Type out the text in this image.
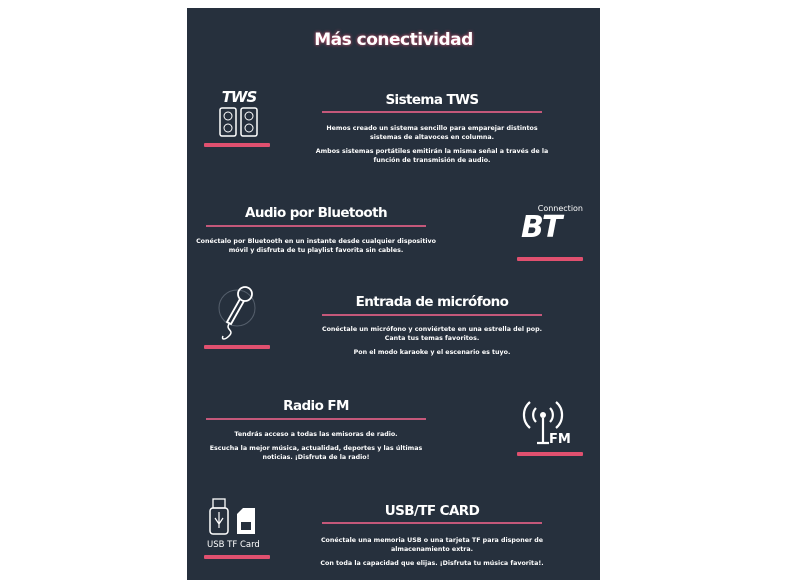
Más conectividad
TWS	Sistema TWS
Hemos creado un sistema sencillo para emparejar distintos sistemas de altavoces en columna.
Ambos sistemas portátiles emitirán la misma señal a través de la función de transmisión de audio.
Audio por Bluetooth
Conéctalo por Bluetooth en un instante desde cualquier dispositivo móvil y disfruta de tu playlist favorita sin cables.
Connection
BT
Entrada de micrófono
Conéctale un micrófono y conviértete en una estrella del pop. Canta tus temas favoritos.
Pon el modo karaoke y el escenario es tuyo.
Radio FM
Tendrás acceso a todas las emisoras de radio.
Escucha la mejor música, actualidad, deportes y las últimas noticias. ¡Disfruta de la radio!
FM
USB TF Card
USB/TF CARD
Conéctale una memoria USB o una tarjeta TF para disponer de almacenamiento extra.
Con toda la capacidad que elijas. ¡Disfruta tu música favorita!.
